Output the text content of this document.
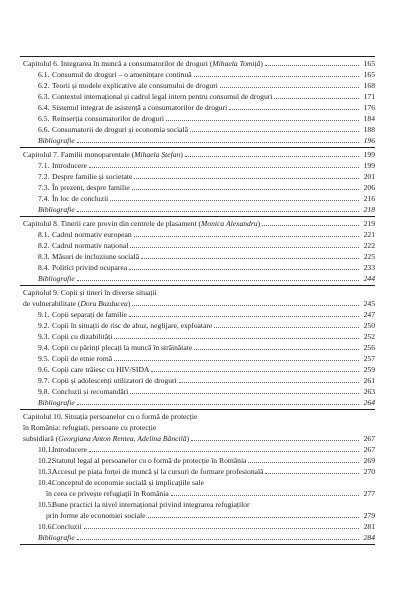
Capitolul 6. Integrarea în muncă a consumatorilor de droguri (Mihaela Tomiță)	165
6.1. Consumul de droguri – o amenințare continuă	165
6.2. Teorii și modele explicative ale consumului de droguri	168
6.3. Contextul internațional și cadrul legal intern pentru consumul de droguri	171
6.4. Sistemul integrat de asistență a consumatorilor de droguri	176
6.5. Reinserția consumatorilor de droguri	184
6.6. Consumatorii de droguri și economia socială	188
Bibliografie	196
Capitolul 7. Familii monoparentale (Mihaela Ștefan)	199
7.1. Introducere	199
7.2. Despre familie și societate	201
7.3. În prezent, despre familie	206
7.4. În loc de concluzii	216
Bibliografie	218
Capitolul 8. Tinerii care provin din centrele de plasament (Monica Alexandru)	219
8.1. Cadrul normativ european	221
8.2. Cadrul normativ național	222
8.3. Măsuri de incluziune socială	225
8.4. Politici privind ocuparea	233
Bibliografie	244
Capitolul 9. Copii și tineri în diverse situații
de vulnerabilitate (Doru Buzducea)	245
9.1. Copii separați de familie	247
9.2. Copii în situații de risc de abuz, neglijare, exploatare	250
9.3. Copii cu dizabilități	252
9.4. Copii cu părinți plecați la muncă în străinătate	256
9.5. Copii de etnie romă	257
9.6. Copii care trăiesc cu HIV/SIDA	259
9.7. Copii și adolescenți utilizatori de droguri	261
9.8. Concluzii și recomandări	263
Bibliografie	264
Capitolul 10. Situația persoanelor cu o formă de protecție
în România: refugiați, persoane cu protecție
subsidiară (Georgiana Anton Rentea, Adelina Băncilă)	267
10.1.
Introducere	267
10.2.
Statutul legal al persoanelor cu o formă de protecție în România	269
10.3.
Accesul pe piața forței de muncă și la cursuri de formare profesională	270
10.4.
Conceptul de economie socială și implicațiile sale
în ceea ce privește refugiații în România	277
10.5.
Bune practici la nivel internațional privind integrarea refugiaților
prin forme ale economiei sociale	279
10.6.
Concluzii	281
Bibliografie	284
